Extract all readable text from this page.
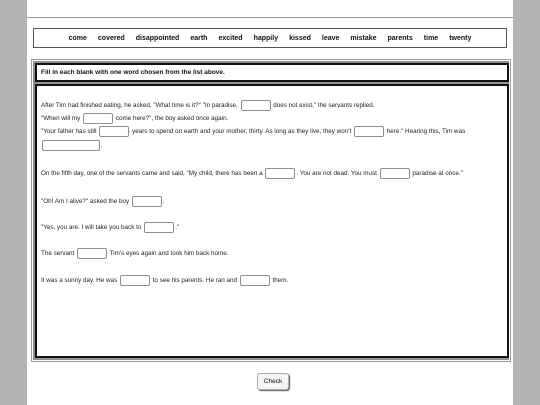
come covered disappointed earth excited happily kissed leave mistake parents time twenty
Fill in each blank with one word chosen from the list above.
After Tim had finished eating, he asked, "What time is it?" "In paradise,	does not exist," the servants replied.
"When will my	come here?", the boy asked once again.
"Your father has still	years to spend on earth and your mother, thirty. As long as they live, they won't	here." Hearing this, Tim was
.
On the fifth day, one of the servants came and said, "My child, there has been a	. You are not dead. You must	paradise at once."
"Oh! Am I alive?" asked the boy	.
"Yes, you are. I will take you back to	."
The servant	Tim's eyes again and took him back home.
It was a sunny day. He was	to see his parents. He ran and	them.
Check
